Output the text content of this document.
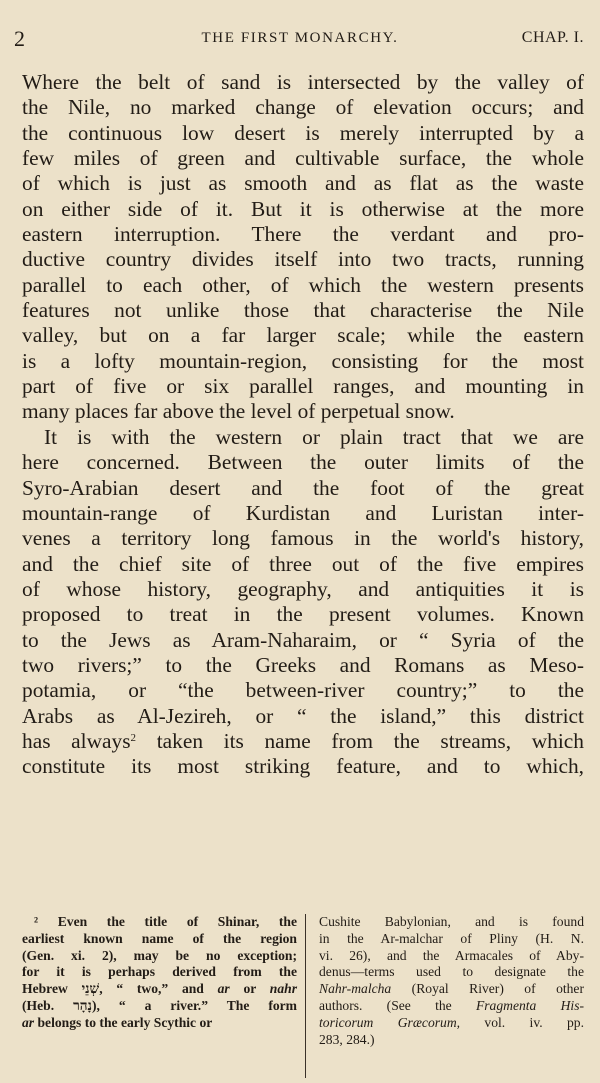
2	THE FIRST MONARCHY.	CHAP. I.
Where the belt of sand is intersected by the valley of
the Nile, no marked change of elevation occurs; and
the continuous low desert is merely interrupted by a
few miles of green and cultivable surface, the whole
of which is just as smooth and as flat as the waste
on either side of it. But it is otherwise at the more
eastern interruption. There the verdant and pro-
ductive country divides itself into two tracts, running
parallel to each other, of which the western presents
features not unlike those that characterise the Nile
valley, but on a far larger scale; while the eastern
is a lofty mountain-region, consisting for the most
part of five or six parallel ranges, and mounting in
many places far above the level of perpetual snow.
It is with the western or plain tract that we are
here concerned. Between the outer limits of the
Syro-Arabian desert and the foot of the great
mountain-range of Kurdistan and Luristan inter-
venes a territory long famous in the world's history,
and the chief site of three out of the five empires
of whose history, geography, and antiquities it is
proposed to treat in the present volumes. Known
to the Jews as Aram-Naharaim, or “ Syria of the
two rivers;” to the Greeks and Romans as Meso-
potamia, or “the between-river country;” to the
Arabs as Al-Jezireh, or “ the island,” this district
has always$^2$ taken its name from the streams, which
constitute its most striking feature, and to which,
² Even the title of Shinar, the
earliest known name of the region
(Gen. xi. 2), may be no exception;
for it is perhaps derived from the
Hebrew שְׁנֵי, “ two,” and ar or nahr
(Heb. נָהָר), “ a river.” The form
ar belongs to the early Scythic or
Cushite Babylonian, and is found
in the Ar-malchar of Pliny (H. N.
vi. 26), and the Armacales of Aby-
denus—terms used to designate the
Nahr-malcha (Royal River) of other
authors. (See the Fragmenta His-
toricorum Græcorum, vol. iv. pp.
283, 284.)
